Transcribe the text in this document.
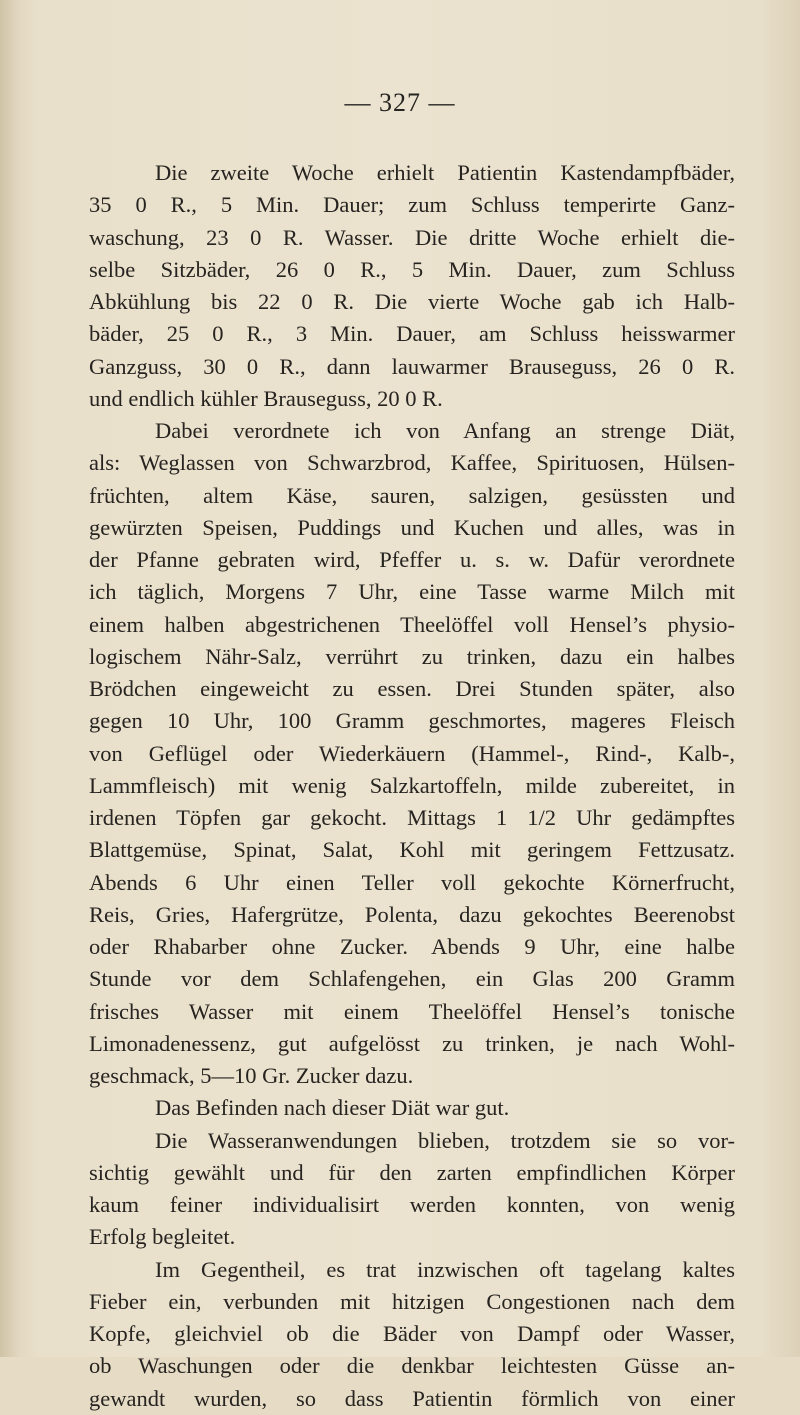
— 327 —
Die zweite Woche erhielt Patientin Kastendampfbäder,
35 0 R., 5 Min. Dauer; zum Schluss temperirte Ganz-
waschung, 23 0 R. Wasser. Die dritte Woche erhielt die-
selbe Sitzbäder, 26 0 R., 5 Min. Dauer, zum Schluss
Abkühlung bis 22 0 R. Die vierte Woche gab ich Halb-
bäder, 25 0 R., 3 Min. Dauer, am Schluss heisswarmer
Ganzguss, 30 0 R., dann lauwarmer Brauseguss, 26 0 R.
und endlich kühler Brauseguss, 20 0 R.
Dabei verordnete ich von Anfang an strenge Diät,
als: Weglassen von Schwarzbrod, Kaffee, Spirituosen, Hülsen-
früchten, altem Käse, sauren, salzigen, gesüssten und
gewürzten Speisen, Puddings und Kuchen und alles, was in
der Pfanne gebraten wird, Pfeffer u. s. w. Dafür verordnete
ich täglich, Morgens 7 Uhr, eine Tasse warme Milch mit
einem halben abgestrichenen Theelöffel voll Hensel’s physio-
logischem Nähr-Salz, verrührt zu trinken, dazu ein halbes
Brödchen eingeweicht zu essen. Drei Stunden später, also
gegen 10 Uhr, 100 Gramm geschmortes, mageres Fleisch
von Geflügel oder Wiederkäuern (Hammel-, Rind-, Kalb-,
Lammfleisch) mit wenig Salzkartoffeln, milde zubereitet, in
irdenen Töpfen gar gekocht. Mittags 1 1/2 Uhr gedämpftes
Blattgemüse, Spinat, Salat, Kohl mit geringem Fettzusatz.
Abends 6 Uhr einen Teller voll gekochte Körnerfrucht,
Reis, Gries, Hafergrütze, Polenta, dazu gekochtes Beerenobst
oder Rhabarber ohne Zucker. Abends 9 Uhr, eine halbe
Stunde vor dem Schlafengehen, ein Glas 200 Gramm
frisches Wasser mit einem Theelöffel Hensel’s tonische
Limonadenessenz, gut aufgelösst zu trinken, je nach Wohl-
geschmack, 5—10 Gr. Zucker dazu.
Das Befinden nach dieser Diät war gut.
Die Wasseranwendungen blieben, trotzdem sie so vor-
sichtig gewählt und für den zarten empfindlichen Körper
kaum feiner individualisirt werden konnten, von wenig
Erfolg begleitet.
Im Gegentheil, es trat inzwischen oft tagelang kaltes
Fieber ein, verbunden mit hitzigen Congestionen nach dem
Kopfe, gleichviel ob die Bäder von Dampf oder Wasser,
ob Waschungen oder die denkbar leichtesten Güsse an-
gewandt wurden, so dass Patientin förmlich von einer
